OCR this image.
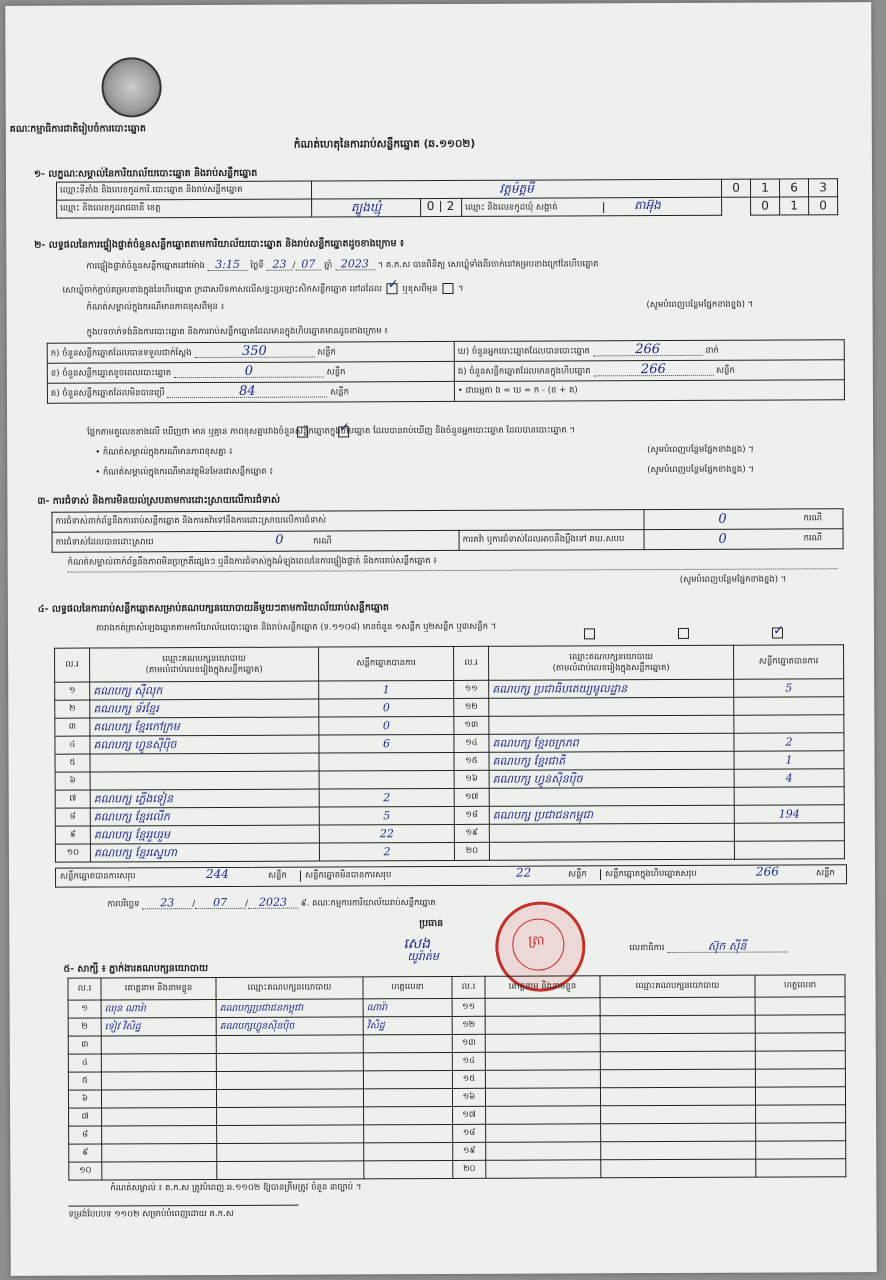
គណៈកម្មាធិការជាតិរៀបចំការបោះឆ្នោត
កំណត់ហេតុនៃការរាប់សន្លឹកឆ្នោត (ឆ.១១០២)
១- លក្ខណៈសម្គាល់នៃការិយាល័យបោះឆ្នោត និងរាប់សន្លឹកឆ្នោត
ឈ្មោះទីតាំង និងលេខកូដការិ.បោះឆ្នោត និងរាប់សន្លឹកឆ្នោត	វត្តម៉ត្តមី			0	1	6	3
ឈ្មោះ និងលេខកូដរាជធានី ខេត្ត	ត្បូងឃ្មុំ	0 2	ឈ្មោះ និងលេខកូដឃុំ សង្កាត់ តាអ៊ុង		0	1	0
២- លទ្ធផលនៃការផ្ទៀងផ្ទាត់ចំនួនសន្លឹកឆ្នោតតាមការិយាល័យបោះឆ្នោត និងរាប់សន្លឹកឆ្នោតដូចខាងក្រោម ៖
ការផ្ទៀងផ្ទាត់ចំនួនសន្លឹកឆ្នោតនៅម៉ោង 3:15 ថ្ងៃទី 23 / 07 ឆ្នាំ 2023 ។ គ.ក.ស បានពិនិត្យ សោឃ្លុំទាំងពីរចាក់នៅគម្របខាងក្រៅនៃហិបឆ្នោត
សោឃ្លុំចាក់ភ្ជាប់គម្របខាងក្នុងនៃហិបឆ្នោត ក្រដាសបិទភាសលើសន្ធះប្រឡោះសិកសន្លឹកឆ្នោត នៅដដែល ✓ ឬខុសពីមុន  ។
កំណត់សម្គាល់ក្នុងករណីមានភាពខុសពីមុន ៖	(សូមបំពេញបន្ថែមផ្នែកខាងខ្នង) ។
ក្នុងបទចាក់ទង់និងការបោះឆ្នោត និងការរាប់សន្លឹកឆ្នោតដែលមានក្នុងហិបឆ្នោតមានដូចខាងក្រោម ៖
ក) ចំនួនសន្លឹកឆ្នោតដែលបានទទួលជាក់ស្តែង 350 សន្លឹក	ឃ) ចំនួនអ្នកបោះឆ្នោតដែលបានបោះឆ្នោត 266 នាក់
ខ) ចំនួនសន្លឹកឆ្នោតខូចពេលបោះឆ្នោត 0 សន្លឹក	ង) ចំនួនសន្លឹកឆ្នោតដែលមានក្នុងហិបឆ្នោត 266 សន្លឹក
គ) ចំនួនសន្លឹកឆ្នោតដែលមិនបានប្រើ 84 សន្លឹក	• ជាធម្មតា ង = ឃ = ក - (ខ + គ)
✓
ផ្អែកតាមតួលេខខាងលើ ឃើញថា មាន ឬគ្មាន ភាពខុសគ្នារវាងចំនួនសន្លឹកឆ្នោតក្នុងហិបឆ្នោត ដែលបានរាប់ឃើញ និងចំនួនអ្នកបោះឆ្នោត ដែលបានបោះឆ្នោត ។
• កំណត់សម្គាល់ក្នុងករណីមានភាពខុសគ្នា ៖	(សូមបំពេញបន្ថែមផ្នែកខាងខ្នង) ។
• កំណត់សម្គាល់ក្នុងករណីមានវត្ថុមិនមែនជាសន្លឹកឆ្នោត ៖	(សូមបំពេញបន្ថែមផ្នែកខាងខ្នង) ។
៣- ការជំទាស់ និងការមិនយល់ស្របតាមការដោះស្រាយលើការជំទាស់
ការជំទាស់ពាក់ព័ន្ធនឹងការរាប់សន្លឹកឆ្នោត និងការតវ៉ាទៅនឹងការដោះស្រាយលើការជំទាស់		0	ករណី
ការជំទាស់ដែលបានដោះស្រាយ 0 ករណី	ការតវ៉ា ឬការជំទាស់ដែលអាចនឹងប្តឹងទៅ គឃ.សបប	0	ករណី
កំណត់សម្គាល់ពាក់ព័ន្ធនឹងភាពមិនប្រក្រតីផ្សេងៗ ឬនឹងការជំទាស់ក្នុងអំឡុងពេលនៃការផ្ទៀងផ្ទាត់ និងការរាប់សន្លឹកឆ្នោត ៖
(សូមបំពេញបន្ថែមផ្នែកខាងខ្នង) ។
៤- លទ្ធផលនៃការរាប់សន្លឹកឆ្នោតសម្រាប់គណបក្សនយោបាយនីមួយៗតាមការិយាល័យរាប់សន្លឹកឆ្នោត
តារាងកត់ត្រាសំឡេងឆ្នោតតាមការិយាល័យបោះឆ្នោត និងរាប់សន្លឹកឆ្នោត (ទ.១១០៨) មានចំនួន ១សន្លឹក ឬ២សន្លឹក ឬ៣សន្លឹក ។
✓
ល.រ	ឈ្មោះគណបក្សនយោបាយ
(តាមលំដាប់លេខរៀងក្នុងសន្លឹកឆ្នោត)	សន្លឹកឆ្នោតបានការ	ល.រ	ឈ្មោះគណបក្សនយោបាយ
(តាមលំដាប់លេខរៀងក្នុងសន្លឹកឆ្នោត)	សន្លឹកឆ្នោតបានការ
១	គណបក្ស ស៊ីលុក	1	១១	គណបក្ស ប្រជាធិបតេយ្យមូលដ្ឋាន	5
២	គណបក្ស ទ័រខ្មែរ	0	១២		
៣	គណបក្ស ខ្មែរកៅក្រម	0	១៣		
៤	គណបក្ស ហ្វូនស៊ីប៉ិច	6	១៤	គណបក្ស ខ្មែរចក្រភព	2
៥			១៥	គណបក្ស ខ្មែរជាតិ	1
៦			១៦	គណបក្ស ហ្វូនស៊ិនប៉ិច	4
៧	គណបក្ស ភ្លើងទៀន	2	១៧		
៨	គណបក្ស ខ្មែរលើក	5	១៨	គណបក្ស ប្រជាជនកម្ពុជា	194
៩	គណបក្ស ខ្មែររួបរួម	22	១៩		
១០	គណបក្ស ខ្មែរស្នេហា	2	២០		
សន្លឹកឆ្នោតបានការសរុប	244	សន្លឹក	សន្លឹកឆ្នោតមិនបានការសរុប	22	សន្លឹក	សន្លឹកឆ្នោតក្នុងហិបឆ្នោតសរុប	266	សន្លឹក
ការបរិច្ឆេទ 23 / 07 / 2023 ៩. គណៈកម្មការការិយាល័យរាប់សន្លឹកឆ្នោត
ប្រធាន
សេង
យូរ៉ាត់ម
ត្រា	លេខាធិការ	ស៊ុក ស៊ីនី
៥- សាក្សី ៖ ភ្នាក់ងារគណបក្សនយោបាយ
ល.រ	គោត្តនាម និងនាមខ្លួន	ឈ្មោះគណបក្សនយោបាយ	ហត្ថលេខា	ល.រ	គោត្តនាម និងនាមខ្លួន	ឈ្មោះគណបក្សនយោបាយ	ហត្ថលេខា
១	ឈុន ណារ៉ា	គណបក្សប្រជាជនកម្ពុជា	ណារ៉ា	១១			
២	ទៀវ វិសិដ្ឋ	គណបក្សហ្វូនស៊ិនប៉ិច	វិសិដ្ឋ	១២			
៣				១៣			
៤				១៤			
៥				១៥			
៦				១៦			
៧				១៧			
៨				១៨			
៩				១៩			
១០				២០			
កំណត់សម្គាល់ ៖ គ.ក.ស ត្រូវបំពេញ ឆ.១១០២ ឱ្យបានត្រឹមត្រូវ ចំនួន ៣ច្បាប់ ។
ទម្រង់បែបបទ ១១០២ សម្រាប់បំពេញដោយ គ.ក.ស
